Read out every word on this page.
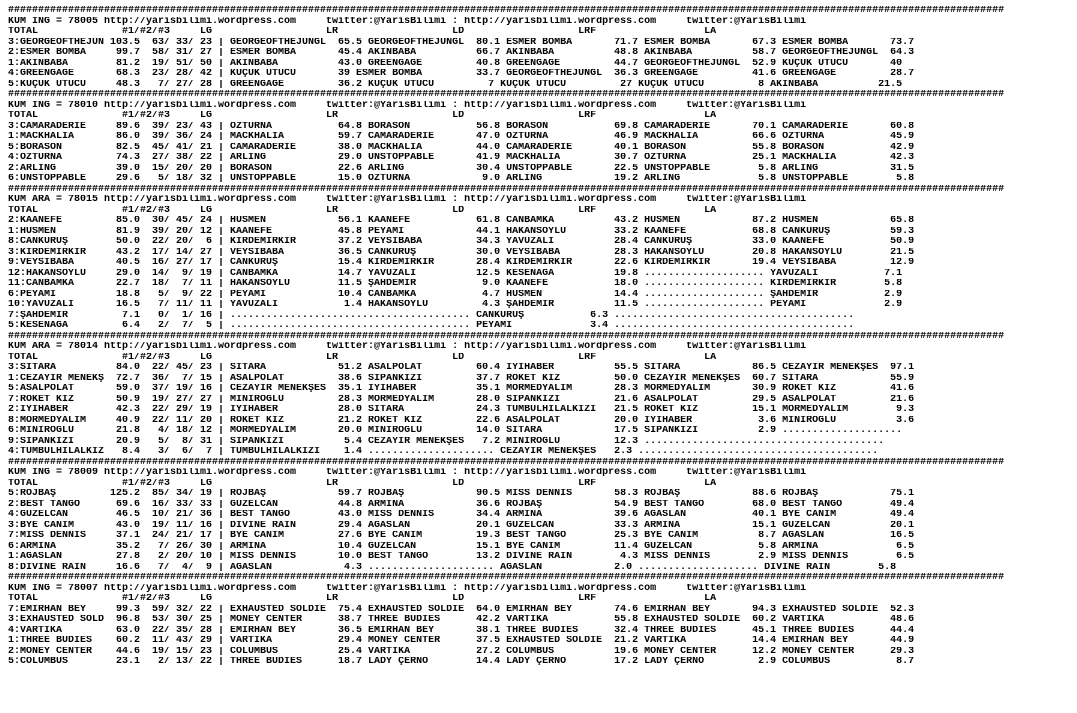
######################################################################################################################################################################
KUM ING = 78005 http://yarisbilimi.wordpress.com     twitter:@YarisBilimi : http://yarisbilimi.wordpress.com     twitter:@YarisBilimi
TOTAL              #1/#2/#3     LG                   LR                   LD                   LRF                  LA
3:GEORGEOFTHEJUN 103.5  63/ 33/ 23 | GEORGEOFTHEJUNGL  65.5 GEORGEOFTHEJUNGL  80.1 ESMER BOMBA       71.7 ESMER BOMBA       67.3 ESMER BOMBA       73.7
2:ESMER BOMBA     99.7  58/ 31/ 27 | ESMER BOMBA       45.4 AKINBABA          66.7 AKINBABA          48.8 AKINBABA          58.7 GEORGEOFTHEJUNGL  64.3
1:AKINBABA        81.2  19/ 51/ 50 | AKINBABA          43.0 GREENGAGE         40.8 GREENGAGE         44.7 GEORGEOFTHEJUNGL  52.9 KÜÇÜK ÜTÜCÜ       40
4:GREENGAGE       68.3  23/ 28/ 42 | KÜÇÜK ÜTÜCÜ       39 ESMER BOMBA         33.7 GEORGEOFTHEJUNGL  36.3 GREENGAGE         41.6 GREENGAGE         28.7
5:KÜÇÜK ÜTÜCÜ     48.3   7/ 27/ 28 | GREENGAGE         36.2 KÜÇÜK ÜTÜCÜ         7 KÜÇÜK ÜTÜCÜ         27 KÜÇÜK ÜTÜCÜ         8 AKINBABA          21.5
######################################################################################################################################################################
KUM ING = 78010 http://yarisbilimi.wordpress.com     twitter:@YarisBilimi : http://yarisbilimi.wordpress.com     twitter:@YarisBilimi
TOTAL              #1/#2/#3     LG                   LR                   LD                   LRF                  LA
3:CAMARADERIE     89.6  39/ 23/ 43 | ÖZTURNA           64.8 BORASON           56.8 BORASON           69.8 CAMARADERIE       70.1 CAMARADERIE       60.8
1:MACKHALIA       86.0  39/ 36/ 24 | MACKHALIA         59.7 CAMARADERIE       47.0 ÖZTURNA           46.9 MACKHALIA         66.6 ÖZTURNA           45.9
5:BORASON         82.5  45/ 41/ 21 | CAMARADERIE       38.0 MACKHALIA         44.0 CAMARADERIE       40.1 BORASON           55.8 BORASON           42.9
4:ÖZTURNA         74.3  27/ 38/ 22 | ARLING            29.0 UNSTOPPABLE       41.9 MACKHALIA         30.7 ÖZTURNA           25.1 MACKHALIA         42.3
2:ARLING          39.0  15/ 20/ 20 | BORASON           22.6 ARLING            30.4 UNSTOPPABLE       22.5 UNSTOPPABLE        5.8 ARLING            31.5
6:UNSTOPPABLE     29.6   5/ 18/ 32 | UNSTOPPABLE       15.0 ÖZTURNA            9.0 ARLING            19.2 ARLING             5.8 UNSTOPPABLE        5.8
######################################################################################################################################################################
KUM ARA = 78015 http://yarisbilimi.wordpress.com     twitter:@YarisBilimi : http://yarisbilimi.wordpress.com     twitter:@YarisBilimi
TOTAL              #1/#2/#3     LG                   LR                   LD                   LRF                  LA
2:KAANEFE         85.0  30/ 45/ 24 | HÜSMEN            56.1 KAANEFE           61.8 CANBAMKA          43.2 HÜSMEN            87.2 HÜSMEN            65.8
1:HÜSMEN          81.9  39/ 20/ 12 | KAANEFE           45.8 PEYAMİ            44.1 HAKANSOYLU        33.2 KAANEFE           68.8 CANKURUŞ          59.3
8:CANKURUŞ        50.0  22/ 20/  6 | KIRDEMİRKIR       37.2 VEYSİBABA         34.3 YAVUZALİ          28.4 CANKURUŞ          33.0 KAANEFE           50.9
3:KIRDEMİRKIR     43.2  17/ 14/ 27 | VEYSİBABA         36.5 CANKURUŞ          30.0 VEYSİBABA         28.3 HAKANSOYLU        20.8 HAKANSOYLU        21.5
9:VEYSİBABA       40.5  16/ 27/ 17 | CANKURUŞ          15.4 KIRDEMİRKIR       28.4 KIRDEMİRKIR       22.6 KIRDEMİRKIR       19.4 VEYSİBABA         12.9
12:HAKANSOYLU     29.0  14/  9/ 19 | CANBAMKA          14.7 YAVUZALİ          12.5 KESENAĞA          19.8 .................... YAVUZALİ           7.1
11:CANBAMKA       22.7  18/  7/ 11 | HAKANSOYLU        11.5 ŞAHDEMİR           9.0 KAANEFE           18.0 .................... KIRDEMİRKIR        5.8
6:PEYAMİ          18.8   5/  9/ 22 | PEYAMİ            10.4 CANBAMKA           4.7 HÜSMEN            14.4 .................... ŞAHDEMİR           2.9
10:YAVUZALİ       16.5   7/ 11/ 11 | YAVUZALİ           1.4 HAKANSOYLU         4.3 ŞAHDEMİR          11.5 .................... PEYAMİ             2.9
7:ŞAHDEMİR         7.1   0/  1/ 16 | ........................................ CANKURUŞ           6.3 ........................................
5:KESENAĞA         6.4   2/  7/  5 | ........................................ PEYAMİ             3.4 ........................................
######################################################################################################################################################################
KUM ARA = 78014 http://yarisbilimi.wordpress.com     twitter:@YarisBilimi : http://yarisbilimi.wordpress.com     twitter:@YarisBilimi
TOTAL              #1/#2/#3     LG                   LR                   LD                   LRF                  LA
3:SİTARA          84.0  22/ 45/ 23 | SİTARA            51.2 ASALPOLAT         60.4 İYİHABER          55.5 SİTARA            86.5 CEZAYİR MENEKŞES  97.1
1:CEZAYİR MENEKŞ  72.7  36/  7/ 15 | ASALPOLAT         38.6 SİPANKIZI         37.7 ROKET KIZ         50.0 CEZAYİR MENEKŞES  60.7 SİTARA            55.9
5:ASALPOLAT       59.0  37/ 19/ 16 | CEZAYİR MENEKŞES  35.1 İYİHABER          35.1 MORMEDYALIM       28.3 MORMEDYALIM       30.9 ROKET KIZ         41.6
7:ROKET KIZ       50.9  19/ 27/ 27 | MİNİROĞLU         28.3 MORMEDYALIM       28.0 SİPANKIZI         21.6 ASALPOLAT         29.5 ASALPOLAT         21.6
2:İYİHABER        42.3  22/ 29/ 19 | İYİHABER          28.0 SİTARA            24.3 TUMBULHILALKIZI   21.5 ROKET KIZ         15.1 MORMEDYALIM        9.3
8:MORMEDYALIM     40.9  22/ 11/ 20 | ROKET KIZ         21.2 ROKET KIZ         22.6 ASALPOLAT         20.0 İYİHABER           3.6 MİNİROĞLU          3.6
6:MİNİROĞLU       21.8   4/ 18/ 12 | MORMEDYALIM       20.0 MİNİROĞLU         14.0 SİTARA            17.5 SİPANKIZI          2.9 ....................
9:SİPANKIZI       20.9   5/  8/ 31 | SİPANKIZI          5.4 CEZAYİR MENEKŞES   7.2 MİNİROĞLU         12.3 ........................................
4:TUMBULHILALKIZ   8.4   3/  6/  7 | TUMBULHILALKIZI    1.4 ..................... CEZAYİR MENEKŞES   2.3 ........................................
######################################################################################################################################################################
KUM ING = 78009 http://yarisbilimi.wordpress.com     twitter:@YarisBilimi : http://yarisbilimi.wordpress.com     twitter:@YarisBilimi
TOTAL              #1/#2/#3     LG                   LR                   LD                   LRF                  LA
5:ROJBAŞ         125.2  85/ 34/ 19 | ROJBAŞ            59.7 ROJBAŞ            90.5 MISS DENNIS       58.3 ROJBAŞ            88.6 ROJBAŞ            75.1
2:BEST TANGO      69.6  16/ 33/ 33 | GÜZELCAN          44.8 ARMINA            36.6 ROJBAŞ            54.9 BEST TANGO        68.0 BEST TANGO        49.4
4:GÜZELCAN        46.5  10/ 21/ 36 | BEST TANGO        43.0 MISS DENNIS       34.4 ARMINA            39.6 AĞASLAN           40.1 BYE CANIM         49.4
3:BYE CANIM       43.0  19/ 11/ 16 | DIVINE RAIN       29.4 AĞASLAN           20.1 GÜZELCAN          33.3 ARMINA            15.1 GÜZELCAN          20.1
7:MISS DENNIS     37.1  24/ 21/ 17 | BYE CANIM         27.6 BYE CANIM         19.3 BEST TANGO        25.3 BYE CANIM          8.7 AĞASLAN           16.5
6:ARMINA          35.2   7/ 26/ 30 | ARMINA            10.4 GÜZELCAN          15.1 BYE CANIM         11.4 GÜZELCAN           5.8 ARMINA             6.5
1:AĞASLAN         27.8   2/ 20/ 10 | MISS DENNIS       10.0 BEST TANGO        13.2 DIVINE RAIN        4.3 MISS DENNIS        2.9 MISS DENNIS        6.5
8:DIVINE RAIN     16.6   7/  4/  9 | AĞASLAN            4.3 ..................... AĞASLAN            2.0 .................... DIVINE RAIN        5.8
######################################################################################################################################################################
KUM ING = 78007 http://yarisbilimi.wordpress.com     twitter:@YarisBilimi : http://yarisbilimi.wordpress.com     twitter:@YarisBilimi
TOTAL              #1/#2/#3     LG                   LR                   LD                   LRF                  LA
7:EMİRHAN BEY     99.3  59/ 32/ 22 | EXHAUSTED SOLDIE  75.4 EXHAUSTED SOLDIE  64.0 EMİRHAN BEY       74.6 EMİRHAN BEY       94.3 EXHAUSTED SOLDIE  52.3
3:EXHAUSTED SOLD  96.8  53/ 30/ 25 | MONEY CENTER      38.7 THREE BUDIES      42.2 VARTİKA           55.8 EXHAUSTED SOLDIE  60.2 VARTİKA           48.6
4:VARTİKA         63.0  22/ 35/ 28 | EMİRHAN BEY       36.5 EMİRHAN BEY       38.1 THREE BUDIES      32.4 THREE BUDIES      45.1 THREE BUDIES      44.4
1:THREE BUDIES    60.2  11/ 43/ 29 | VARTİKA           29.4 MONEY CENTER      37.5 EXHAUSTED SOLDIE  21.2 VARTİKA           14.4 EMİRHAN BEY       44.9
2:MONEY CENTER    44.6  19/ 15/ 23 | COLUMBUS          25.4 VARTİKA           27.2 COLUMBUS          19.6 MONEY CENTER      12.2 MONEY CENTER      29.3
5:COLUMBUS        23.1   2/ 13/ 22 | THREE BUDIES      18.7 LADY ÇERNO        14.4 LADY ÇERNO        17.2 LADY ÇERNO         2.9 COLUMBUS           8.7
